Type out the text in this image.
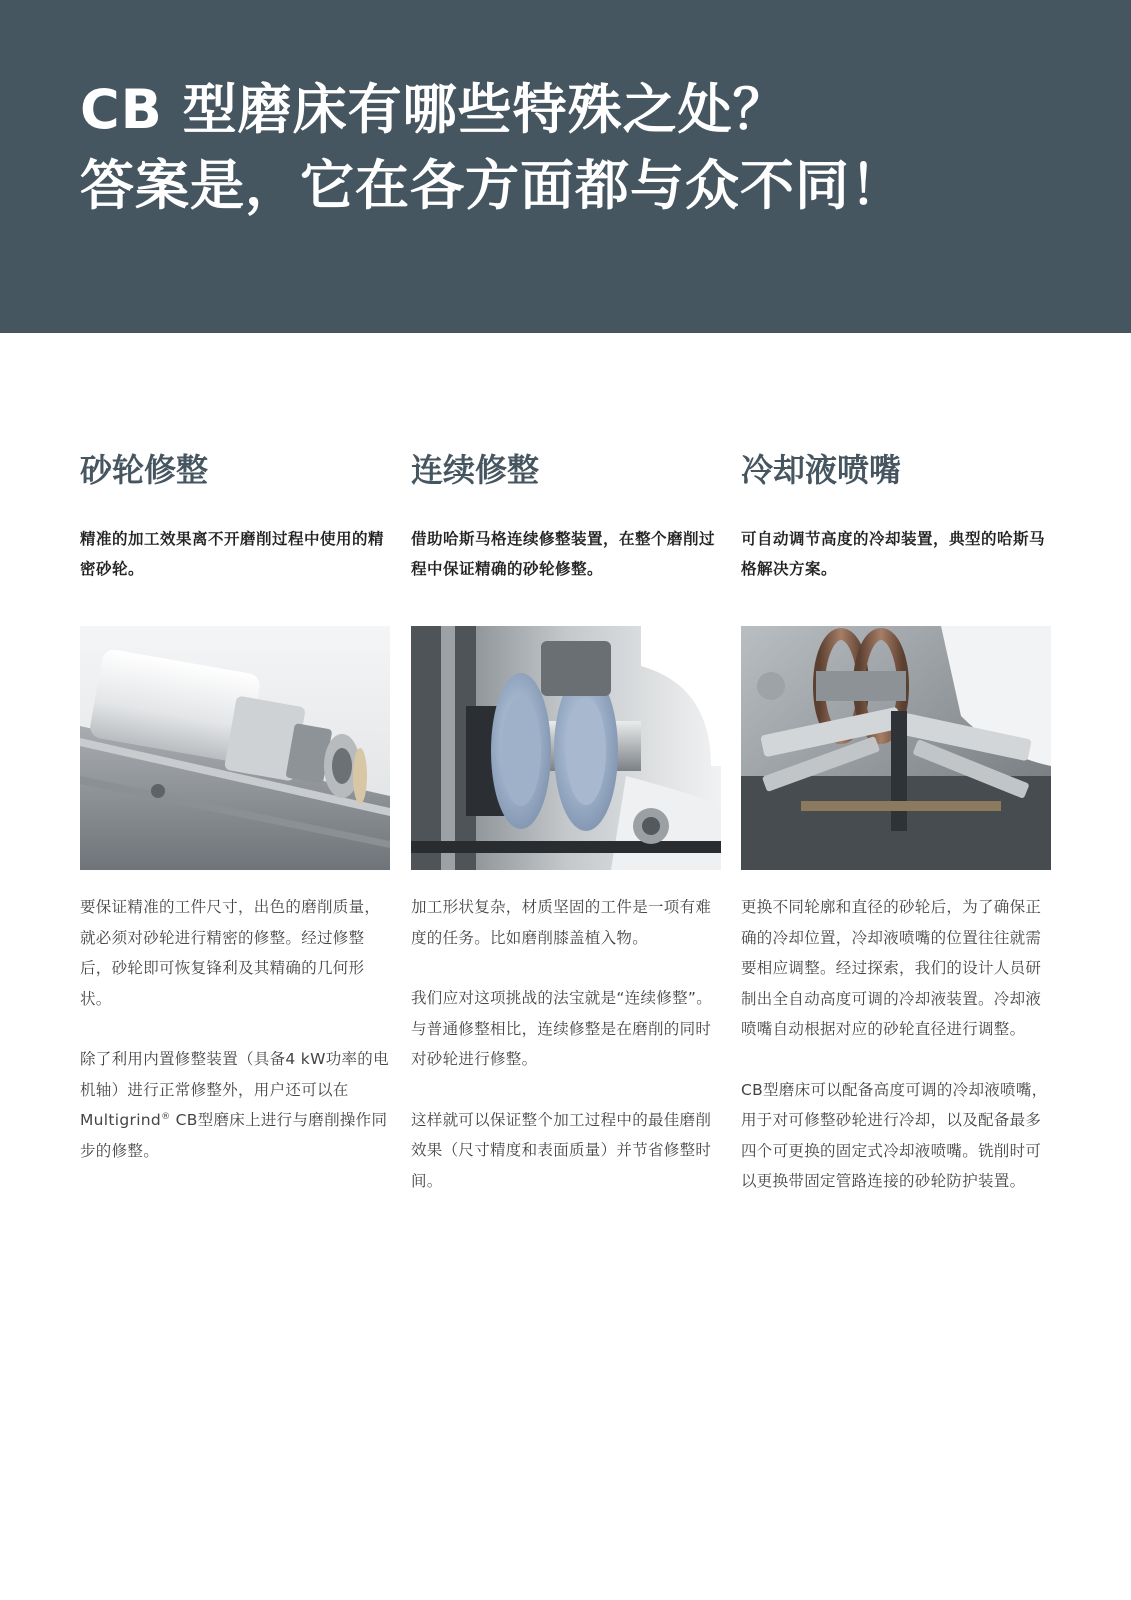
CB 型磨床有哪些特殊之处？
答案是，它在各方面都与众不同！
砂轮修整

精准的加工效果离不开磨削过程中使用的精密砂轮。

要保证精准的工件尺寸，出色的磨削质量，就必须对砂轮进行精密的修整。经过修整后，砂轮即可恢复锋利及其精确的几何形状。

除了利用内置修整装置（具备4 kW功率的电机轴）进行正常修整外，用户还可以在Multigrind® CB型磨床上进行与磨削操作同步的修整。

连续修整

借助哈斯马格连续修整装置，在整个磨削过程中保证精确的砂轮修整。

加工形状复杂，材质坚固的工件是一项有难度的任务。比如磨削膝盖植入物。

我们应对这项挑战的法宝就是“连续修整”。与普通修整相比，连续修整是在磨削的同时对砂轮进行修整。

这样就可以保证整个加工过程中的最佳磨削效果（尺寸精度和表面质量）并节省修整时间。

冷却液喷嘴

可自动调节高度的冷却装置，典型的哈斯马格解决方案。

更换不同轮廓和直径的砂轮后，为了确保正确的冷却位置，冷却液喷嘴的位置往往就需要相应调整。经过探索，我们的设计人员研制出全自动高度可调的冷却液装置。冷却液喷嘴自动根据对应的砂轮直径进行调整。

CB型磨床可以配备高度可调的冷却液喷嘴，用于对可修整砂轮进行冷却，以及配备最多四个可更换的固定式冷却液喷嘴。铣削时可以更换带固定管路连接的砂轮防护装置。
